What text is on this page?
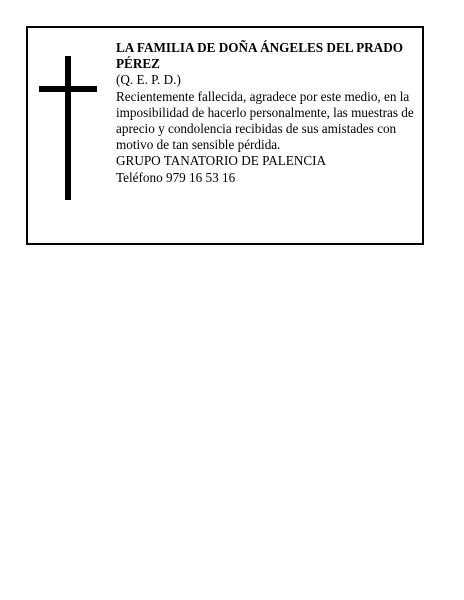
LA FAMILIA DE DOÑA ÁNGELES DEL PRADO PÉREZ
(Q. E. P. D.)
Recientemente fallecida, agradece por este medio, en la imposibilidad de hacerlo personalmente, las muestras de aprecio y condolencia recibidas de sus amistades con motivo de tan sensible pérdida.
GRUPO TANATORIO DE PALENCIA
Teléfono 979 16 53 16
